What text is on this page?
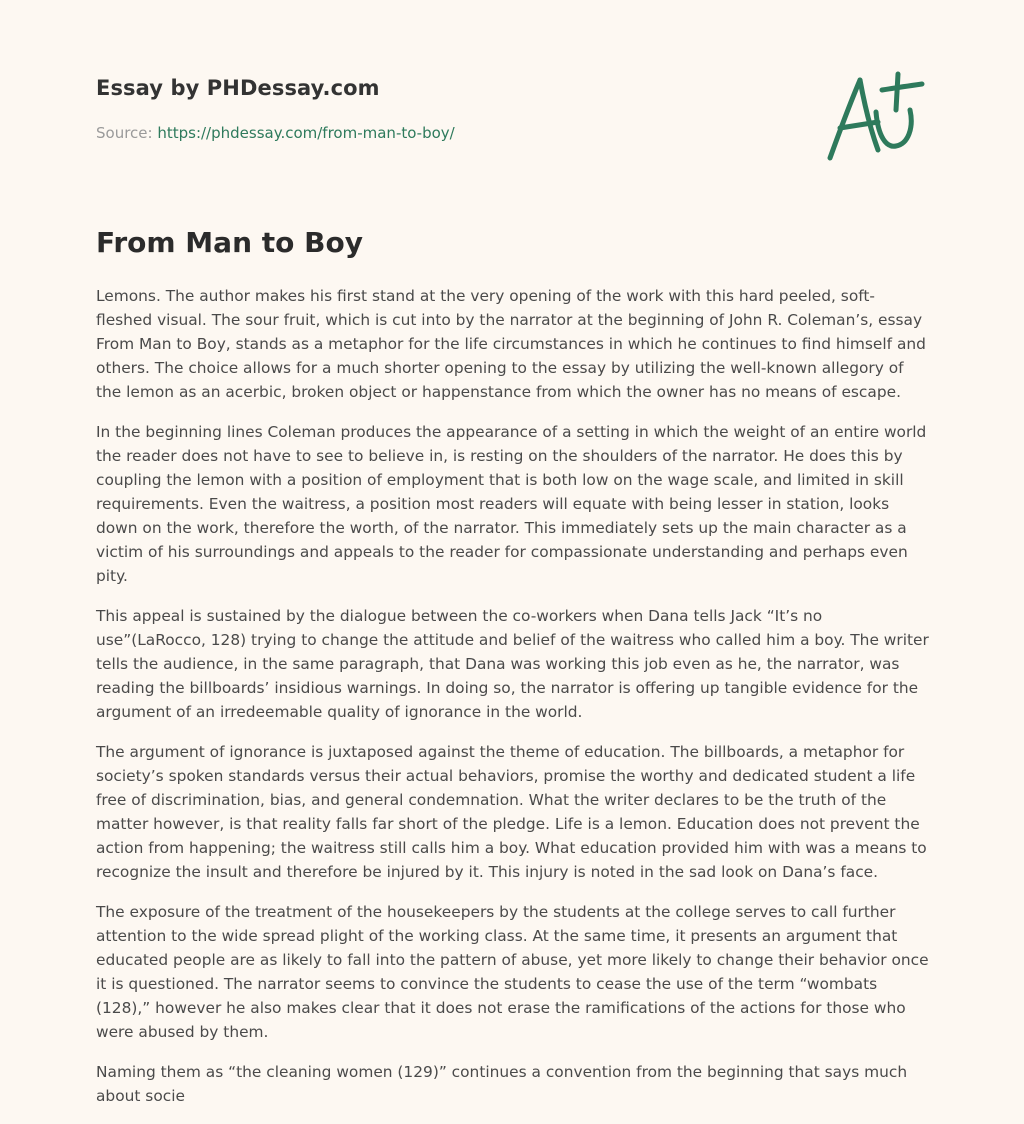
Essay by PHDessay.com

Source: https://phdessay.com/from-man-to-boy/

From Man to Boy

Lemons. The author makes his first stand at the very opening of the work with this hard peeled, soft-fleshed visual. The sour fruit, which is cut into by the narrator at the beginning of John R. Coleman’s, essay From Man to Boy, stands as a metaphor for the life circumstances in which he continues to find himself and others. The choice allows for a much shorter opening to the essay by utilizing the well-known allegory of the lemon as an acerbic, broken object or happenstance from which the owner has no means of escape.

In the beginning lines Coleman produces the appearance of a setting in which the weight of an entire world the reader does not have to see to believe in, is resting on the shoulders of the narrator. He does this by coupling the lemon with a position of employment that is both low on the wage scale, and limited in skill requirements. Even the waitress, a position most readers will equate with being lesser in station, looks down on the work, therefore the worth, of the narrator. This immediately sets up the main character as a victim of his surroundings and appeals to the reader for compassionate understanding and perhaps even pity.

This appeal is sustained by the dialogue between the co-workers when Dana tells Jack “It’s no use”(LaRocco, 128) trying to change the attitude and belief of the waitress who called him a boy. The writer tells the audience, in the same paragraph, that Dana was working this job even as he, the narrator, was reading the billboards’ insidious warnings. In doing so, the narrator is offering up tangible evidence for the argument of an irredeemable quality of ignorance in the world.

The argument of ignorance is juxtaposed against the theme of education. The billboards, a metaphor for society’s spoken standards versus their actual behaviors, promise the worthy and dedicated student a life free of discrimination, bias, and general condemnation. What the writer declares to be the truth of the matter however, is that reality falls far short of the pledge. Life is a lemon. Education does not prevent the action from happening; the waitress still calls him a boy. What education provided him with was a means to recognize the insult and therefore be injured by it. This injury is noted in the sad look on Dana’s face.

The exposure of the treatment of the housekeepers by the students at the college serves to call further attention to the wide spread plight of the working class. At the same time, it presents an argument that educated people are as likely to fall into the pattern of abuse, yet more likely to change their behavior once it is questioned. The narrator seems to convince the students to cease the use of the term “wombats (128),” however he also makes clear that it does not erase the ramifications of the actions for those who were abused by them.

Naming them as “the cleaning women (129)” continues a convention from the beginning that says much about socie
